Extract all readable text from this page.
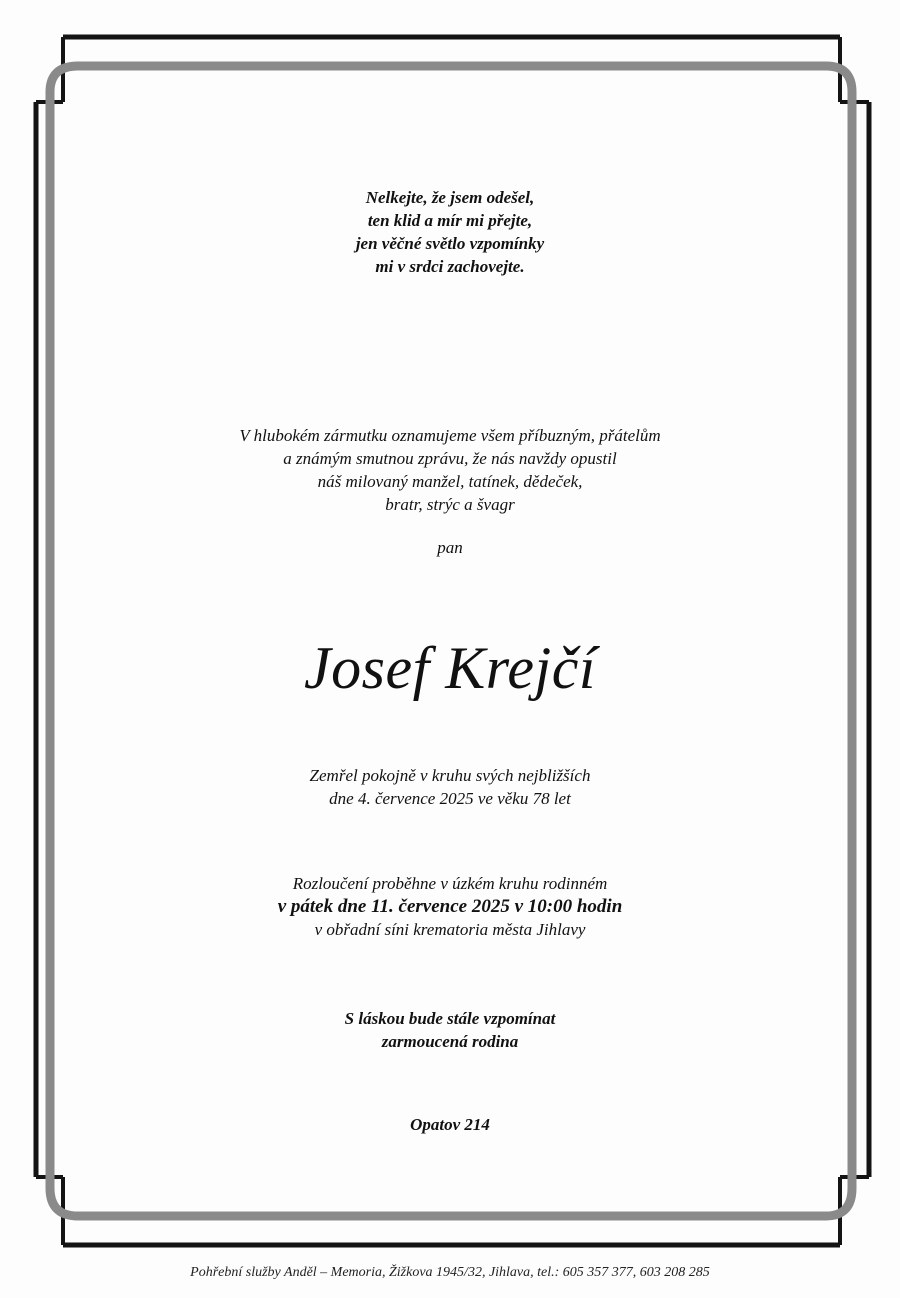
Nelkejte, že jsem odešel,
ten klid a mír mi přejte,
jen věčné světlo vzpomínky
mi v srdci zachovejte.
V hlubokém zármutku oznamujeme všem příbuzným, přátelům
a známým smutnou zprávu, že nás navždy opustil
náš milovaný manžel, tatínek, dědeček,
bratr, strýc a švagr
pan
Josef Krejčí
Zemřel pokojně v kruhu svých nejbližších
dne 4. července 2025 ve věku 78 let
Rozloučení proběhne v úzkém kruhu rodinném
v pátek dne 11. července 2025 v 10:00 hodin
v obřadní síni krematoria města Jihlavy
S láskou bude stále vzpomínat
zarmoucená rodina
Opatov 214
Pohřební služby Anděl – Memoria, Žižkova 1945/32, Jihlava, tel.: 605 357 377, 603 208 285
